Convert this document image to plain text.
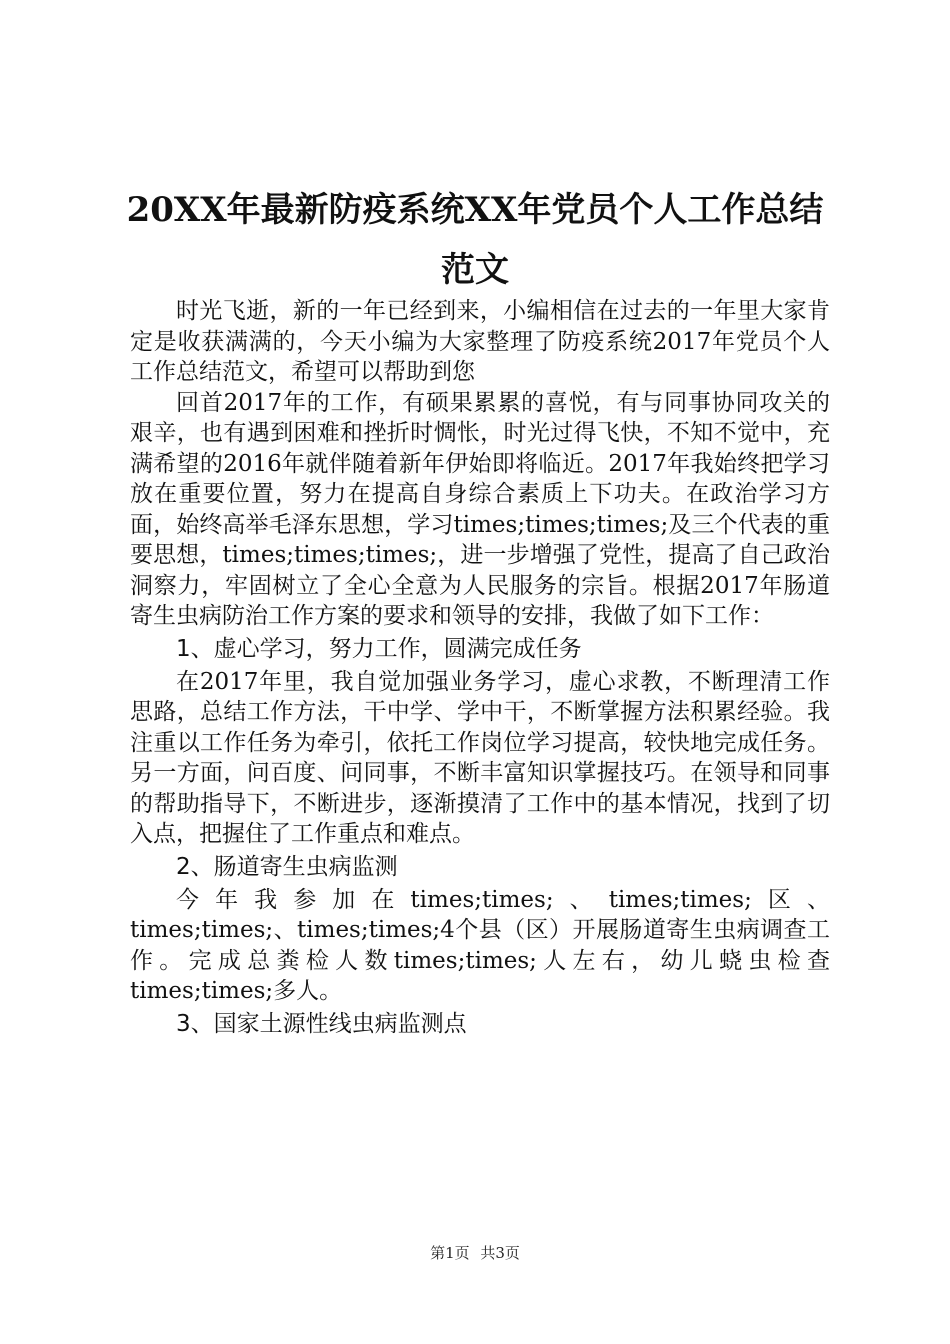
20XX年最新防疫系统XX年党员个人工作总结
范文

时光飞逝，新的一年已经到来，小编相信在过去的一年里大家肯定是收获满满的，今天小编为大家整理了防疫系统2017年党员个人工作总结范文，希望可以帮助到您

回首2017年的工作，有硕果累累的喜悦，有与同事协同攻关的艰辛，也有遇到困难和挫折时惆怅，时光过得飞快，不知不觉中，充满希望的2016年就伴随着新年伊始即将临近。2017年我始终把学习放在重要位置，努力在提高自身综合素质上下功夫。在政治学习方面，始终高举毛泽东思想，学习times;times;times;及三个代表的重要思想，times;times;times;，进一步增强了党性，提高了自己政治洞察力，牢固树立了全心全意为人民服务的宗旨。根据2017年肠道寄生虫病防治工作方案的要求和领导的安排，我做了如下工作：

1、虚心学习，努力工作，圆满完成任务

在2017年里，我自觉加强业务学习，虚心求教，不断理清工作思路，总结工作方法，干中学、学中干，不断掌握方法积累经验。我注重以工作任务为牵引，依托工作岗位学习提高，较快地完成任务。另一方面，问百度、问同事，不断丰富知识掌握技巧。在领导和同事的帮助指导下，不断进步，逐渐摸清了工作中的基本情况，找到了切入点，把握住了工作重点和难点。

2、肠道寄生虫病监测

今年我参加在times;times;、times;times;区、times;times;、times;times;4个县（区）开展肠道寄生虫病调查工作。完成总粪检人数times;times;人左右，幼儿蛲虫检查times;times;多人。

3、国家土源性线虫病监测点
第1页 共3页
